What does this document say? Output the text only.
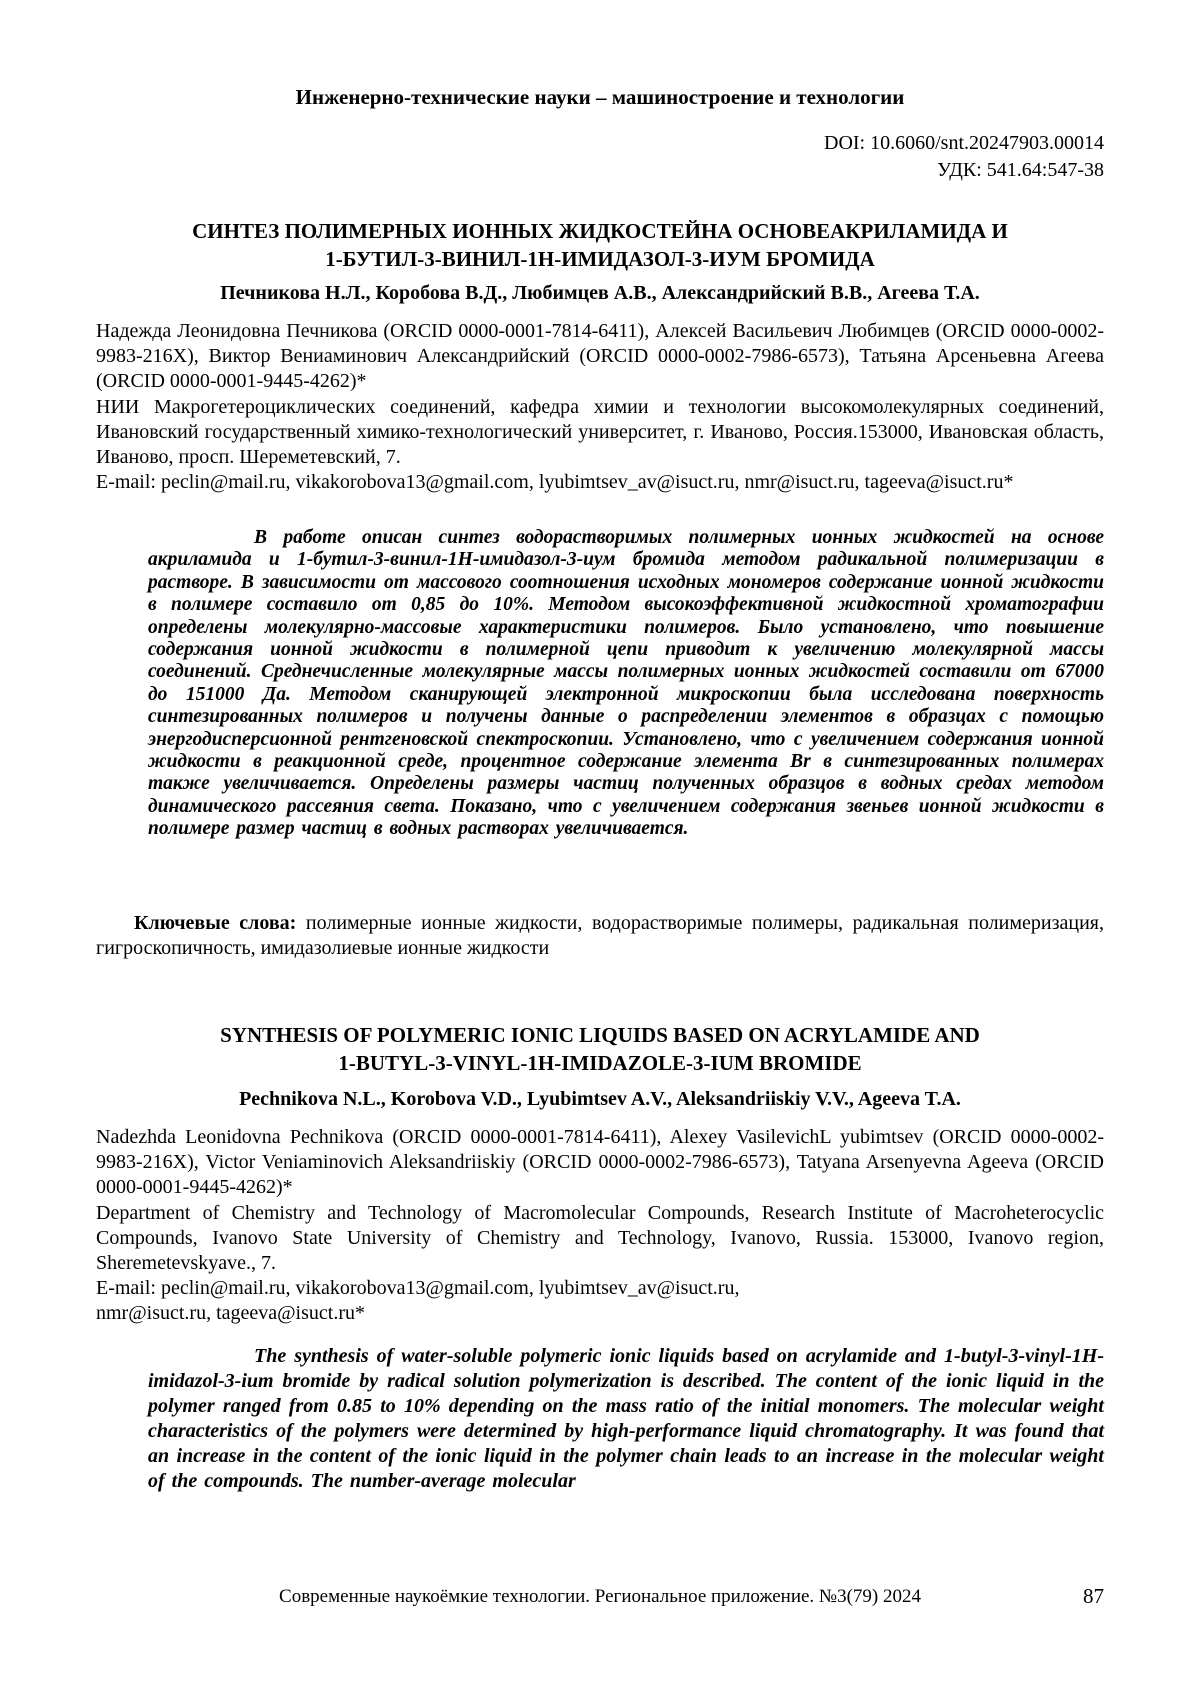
Инженерно-технические науки – машиностроение и технологии
DOI: 10.6060/snt.20247903.00014
УДК: 541.64:547-38
СИНТЕЗ ПОЛИМЕРНЫХ ИОННЫХ ЖИДКОСТЕЙНА ОСНОВЕАКРИЛАМИДА И
1-БУТИЛ-3-ВИНИЛ-1Н-ИМИДАЗОЛ-3-ИУМ БРОМИДА
Печникова Н.Л., Коробова В.Д., Любимцев А.В., Александрийский В.В., Агеева Т.А.
Надежда Леонидовна Печникова (ORCID 0000-0001-7814-6411), Алексей Васильевич Любимцев (ORCID 0000-0002-9983-216X), Виктор Вениаминович Александрийский (ORCID 0000-0002-7986-6573), Татьяна Арсеньевна Агеева (ORCID 0000-0001-9445-4262)*
НИИ Макрогетероциклических соединений, кафедра химии и технологии высокомолекулярных соединений, Ивановский государственный химико-технологический университет, г. Иваново, Россия.153000, Ивановская область, Иваново, просп. Шереметевский, 7.
E-mail: peclin@mail.ru, vikakorobova13@gmail.com, lyubimtsev_av@isuct.ru, nmr@isuct.ru, tageeva@isuct.ru*
В работе описан синтез водорастворимых полимерных ионных жидкостей на основе акриламида и 1-бутил-3-винил-1Н-имидазол-3-иум бромида методом радикальной полимеризации в растворе. В зависимости от массового соотношения исходных мономеров содержание ионной жидкости в полимере составило от 0,85 до 10%. Методом высокоэффективной жидкостной хроматографии определены молекулярно-массовые характеристики полимеров. Было установлено, что повышение содержания ионной жидкости в полимерной цепи приводит к увеличению молекулярной массы соединений. Среднечисленные молекулярные массы полимерных ионных жидкостей составили от 67000 до 151000 Да. Методом сканирующей электронной микроскопии была исследована поверхность синтезированных полимеров и получены данные о распределении элементов в образцах с помощью энергодисперсионной рентгеновской спектроскопии. Установлено, что с увеличением содержания ионной жидкости в реакционной среде, процентное содержание элемента Br в синтезированных полимерах также увеличивается. Определены размеры частиц полученных образцов в водных средах методом динамического рассеяния света. Показано, что с увеличением содержания звеньев ионной жидкости в полимере размер частиц в водных растворах увеличивается.
Ключевые слова: полимерные ионные жидкости, водорастворимые полимеры, радикальная полимеризация, гигроскопичность, имидазолиевые ионные жидкости
SYNTHESIS OF POLYMERIC IONIC LIQUIDS BASED ON ACRYLAMIDE AND
1-BUTYL-3-VINYL-1H-IMIDAZOLE-3-IUM BROMIDE
Pechnikova N.L., Korobova V.D., Lyubimtsev A.V., Aleksandriiskiy V.V., Ageeva T.A.
Nadezhda Leonidovna Pechnikova (ORCID 0000-0001-7814-6411), Alexey VasilevichL yubimtsev (ORCID 0000-0002-9983-216X), Victor Veniaminovich Aleksandriiskiy (ORCID 0000-0002-7986-6573), Tatyana Arsenyevna Ageeva (ORCID 0000-0001-9445-4262)*
Department of Chemistry and Technology of Macromolecular Compounds, Research Institute of Macroheterocyclic Compounds, Ivanovo State University of Chemistry and Technology, Ivanovo, Russia. 153000, Ivanovo region, Sheremetevskyave., 7.
E-mail: peclin@mail.ru, vikakorobova13@gmail.com, lyubimtsev_av@isuct.ru,
nmr@isuct.ru, tageeva@isuct.ru*
The synthesis of water-soluble polymeric ionic liquids based on acrylamide and 1-butyl-3-vinyl-1H-imidazol-3-ium bromide by radical solution polymerization is described. The content of the ionic liquid in the polymer ranged from 0.85 to 10% depending on the mass ratio of the initial monomers. The molecular weight characteristics of the polymers were determined by high-performance liquid chromatography. It was found that an increase in the content of the ionic liquid in the polymer chain leads to an increase in the molecular weight of the compounds. The number-average molecular
Современные наукоёмкие технологии. Региональное приложение. №3(79) 2024	87
